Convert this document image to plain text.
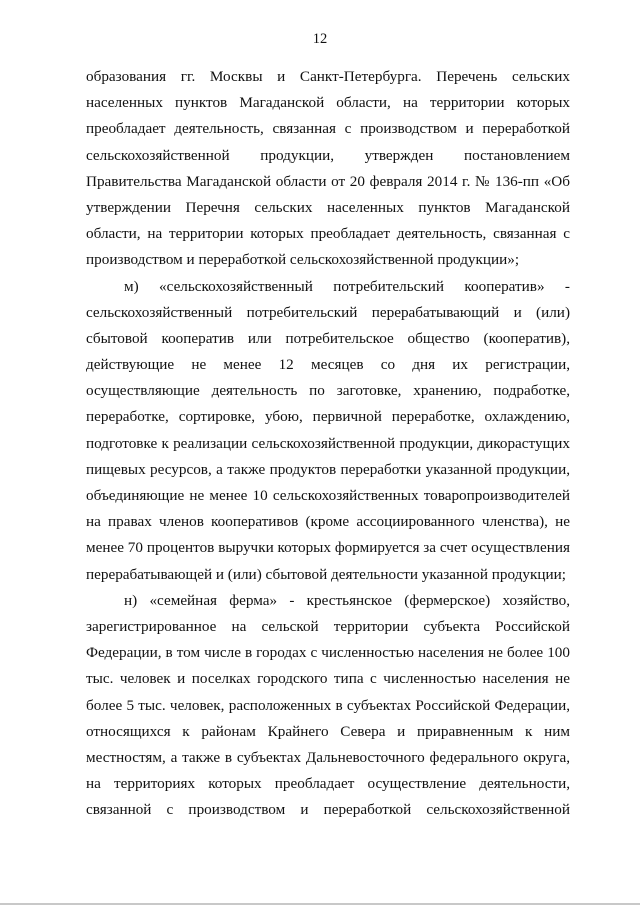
12
образования гг. Москвы и Санкт-Петербурга. Перечень сельских
населенных пунктов Магаданской области, на территории которых
преобладает деятельность, связанная с производством и переработкой
сельскохозяйственной продукции, утвержден постановлением
Правительства Магаданской области от 20 февраля 2014 г. № 136-пп «Об
утверждении Перечня сельских населенных пунктов Магаданской
области, на территории которых преобладает деятельность, связанная с
производством и переработкой сельскохозяйственной продукции»;
м) «сельскохозяйственный потребительский кооператив» -
сельскохозяйственный потребительский перерабатывающий и (или)
сбытовой кооператив или потребительское общество (кооператив),
действующие не менее 12 месяцев со дня их регистрации,
осуществляющие деятельность по заготовке, хранению, подработке,
переработке, сортировке, убою, первичной переработке, охлаждению,
подготовке к реализации сельскохозяйственной продукции, дикорастущих
пищевых ресурсов, а также продуктов переработки указанной продукции,
объединяющие не менее 10 сельскохозяйственных товаропроизводителей
на правах членов кооперативов (кроме ассоциированного членства), не
менее 70 процентов выручки которых формируется за счет осуществления
перерабатывающей и (или) сбытовой деятельности указанной продукции;
н) «семейная ферма» - крестьянское (фермерское) хозяйство,
зарегистрированное на сельской территории субъекта Российской
Федерации, в том числе в городах с численностью населения не более 100
тыс. человек и поселках городского типа с численностью населения не
более 5 тыс. человек, расположенных в субъектах Российской Федерации,
относящихся к районам Крайнего Севера и приравненным к ним
местностям, а также в субъектах Дальневосточного федерального округа,
на территориях которых преобладает осуществление деятельности,
связанной с производством и переработкой сельскохозяйственной
